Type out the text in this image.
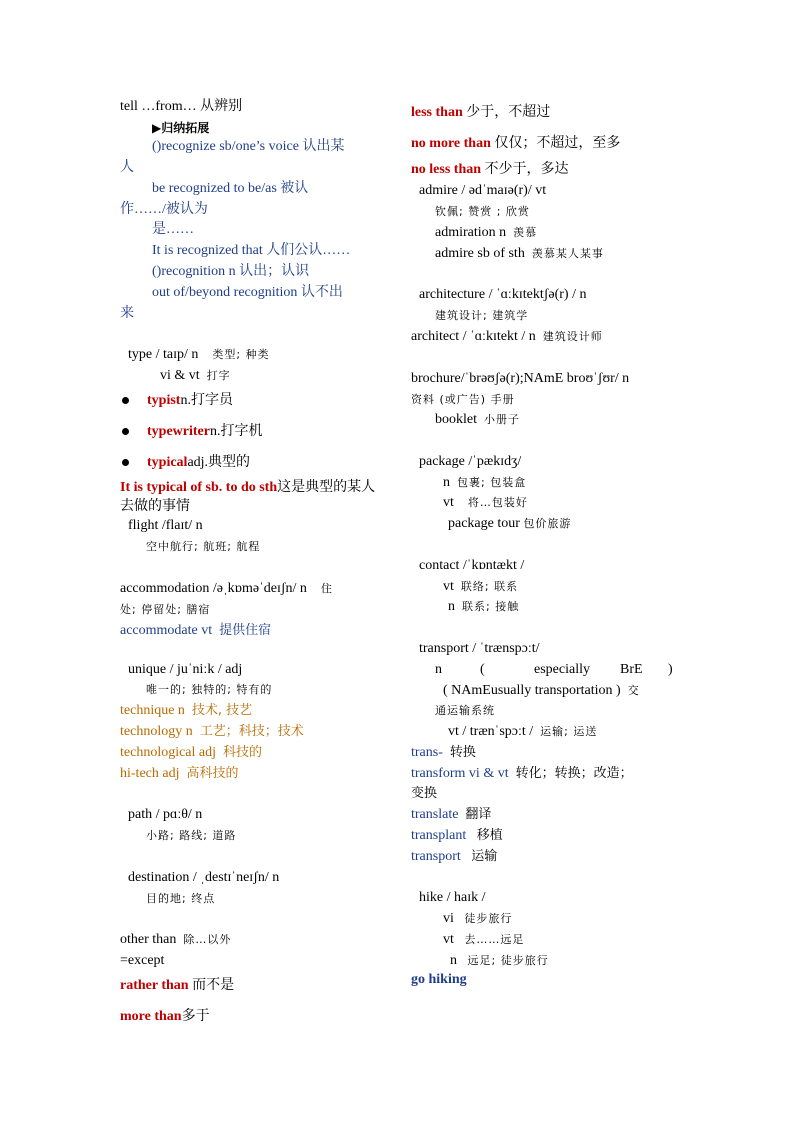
tell …from… 从辨别
▶归纳拓展
()recognize sb/one’s voice 认出某
人
be recognized to be/as 被认
作……/被认为
是……
It is recognized that 人们公认……
()recognition n 认出；认识
out of/beyond recognition 认不出
来
type / taɪp/ n 类型; 种类
vi & vt 打字
typistn.打字员
typewritern.打字机
typicaladj.典型的
It is typical of sb. to do sth这是典型的某人
去做的事情
flight /flaɪt/ n
空中航行; 航班; 航程
accommodation /əˌkɒməˈdeɪʃn/ n 住
处; 停留处; 膳宿
accommodate vt 提供住宿
unique / juˈniːk / adj
唯一的; 独特的; 特有的
technique n 技术, 技艺
technology n 工艺；科技；技术
technological adj 科技的
hi-tech adj 高科技的
path / pɑːθ/ n
小路; 路线; 道路
destination / ˌdestɪˈneɪʃn/ n
目的地; 终点
other than 除…以外
=except
rather than 而不是
more than多于
less than 少于，不超过
no more than 仅仅；不超过，至多
no less than 不少于，多达
admire / ədˈmaɪə(r)/ vt
钦佩; 赞赏 ; 欣赏
admiration n 羡慕
admire sb of sth 羡慕某人某事
architecture / ˈɑːkɪtektʃə(r) / n
建筑设计; 建筑学
architect / ˈɑːkɪtekt / n 建筑设计师
brochure/ˈbrəʊʃə(r);NAmE broʊˈʃʊr/ n
资料 (或广告) 手册
booklet 小册子
package /ˈpækɪdʒ/
n 包裹; 包装盒
vt 将…包装好
package tour 包价旅游
contact /ˈkɒntækt /
vt 联络; 联系
n 联系; 接触
transport / ˈtrænspɔːt/
n	(	especially BrE )
( NAmEusually transportation ) 交
通运输系统
vt / trænˈspɔːt / 运输; 运送
trans- 转换
transform vi & vt 转化；转换；改造；
变换
translate 翻译
transplant 移植
transport 运输
hike / haɪk /
vi 徒步旅行
vt 去……远足
n 远足; 徒步旅行
go hiking
